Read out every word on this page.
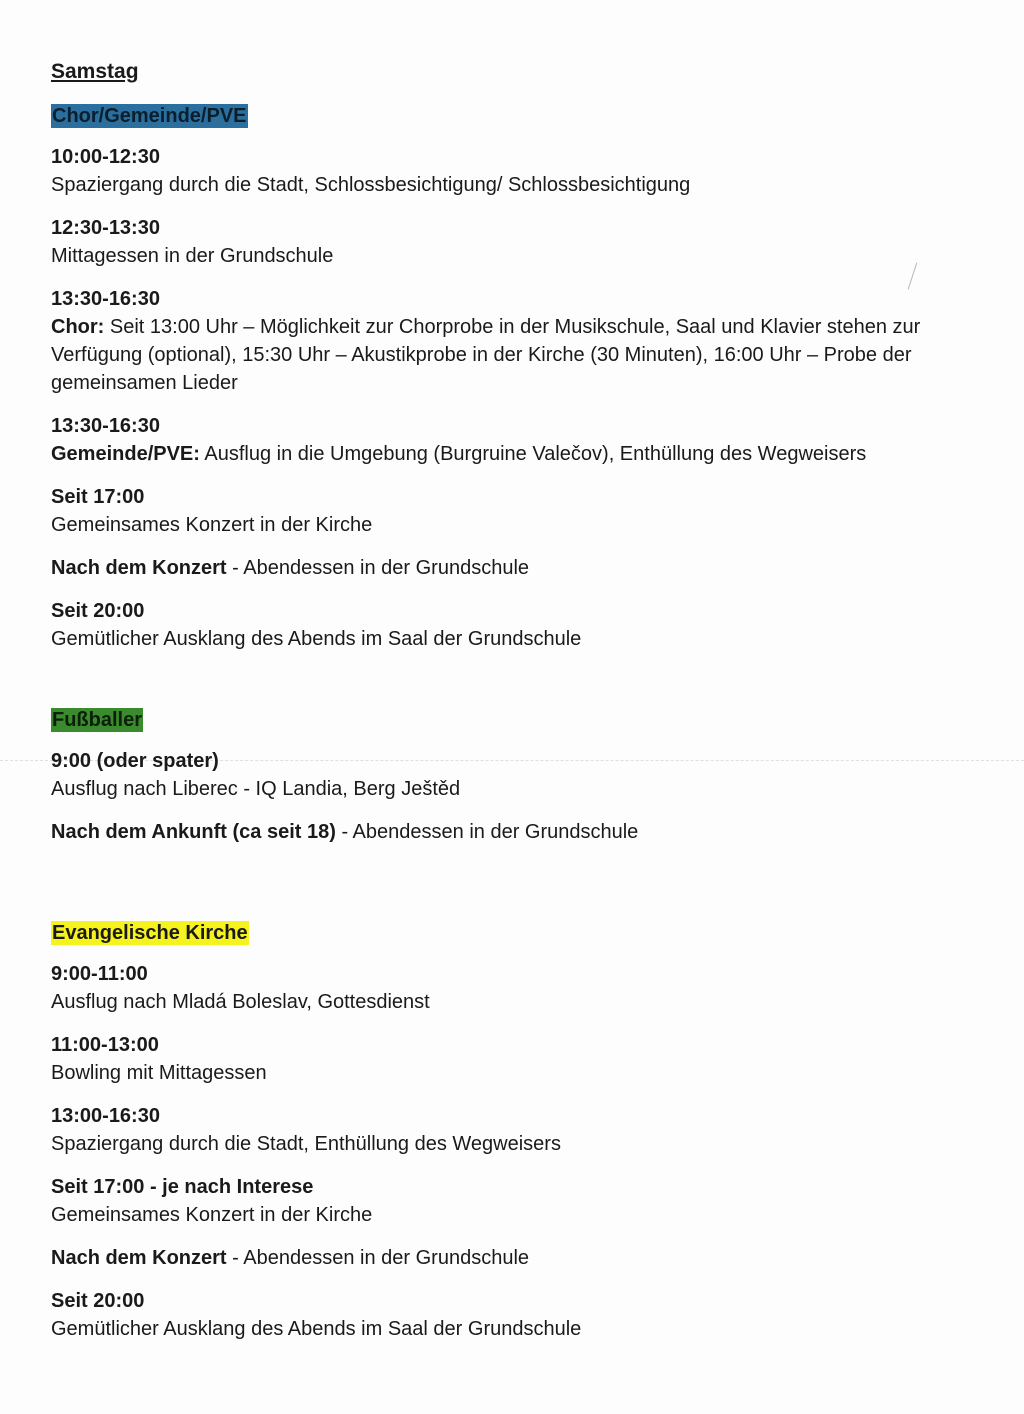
Samstag
Chor/Gemeinde/PVE
10:00-12:30
Spaziergang durch die Stadt, Schlossbesichtigung/ Schlossbesichtigung
12:30-13:30
Mittagessen in der Grundschule
13:30-16:30
Chor: Seit 13:00 Uhr – Möglichkeit zur Chorprobe in der Musikschule, Saal und Klavier stehen zur Verfügung (optional), 15:30 Uhr – Akustikprobe in der Kirche (30 Minuten), 16:00 Uhr – Probe der gemeinsamen Lieder
13:30-16:30
Gemeinde/PVE: Ausflug in die Umgebung (Burgruine Valečov), Enthüllung des Wegweisers
Seit 17:00
Gemeinsames Konzert in der Kirche
Nach dem Konzert - Abendessen in der Grundschule
Seit 20:00
Gemütlicher Ausklang des Abends im Saal der Grundschule
Fußballer
9:00 (oder spater)
Ausflug nach Liberec - IQ Landia, Berg Ještěd
Nach dem Ankunft (ca seit 18) - Abendessen in der Grundschule
Evangelische Kirche
9:00-11:00
Ausflug nach Mladá Boleslav, Gottesdienst
11:00-13:00
Bowling mit Mittagessen
13:00-16:30
Spaziergang durch die Stadt, Enthüllung des Wegweisers
Seit 17:00 - je nach Interese
Gemeinsames Konzert in der Kirche
Nach dem Konzert - Abendessen in der Grundschule
Seit 20:00
Gemütlicher Ausklang des Abends im Saal der Grundschule
